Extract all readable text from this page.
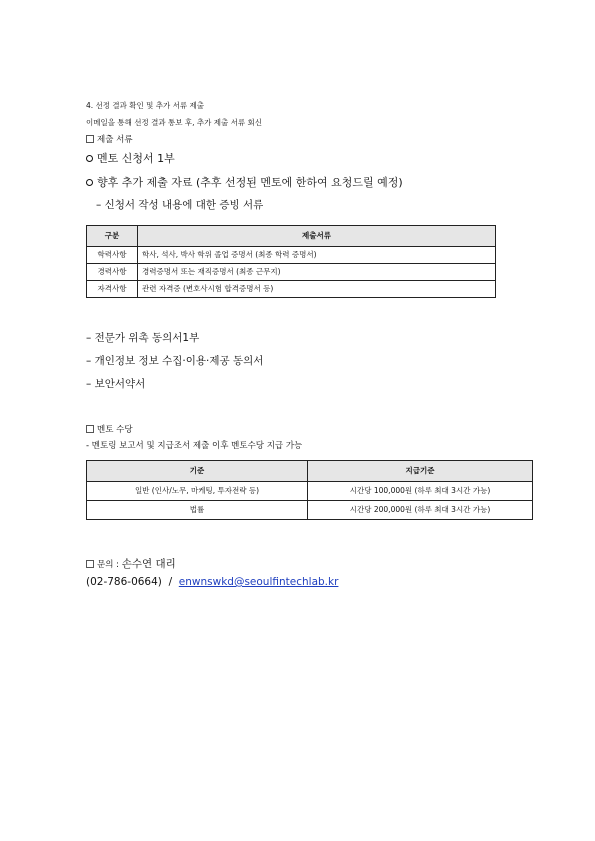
4. 선정 결과 확인 및 추가 서류 제출
이메일을 통해 선정 결과 통보 후, 추가 제출 서류 회신
제출 서류
멘토 신청서 1부
향후 추가 제출 자료 (추후 선정된 멘토에 한하여 요청드릴 예정)
– 신청서 작성 내용에 대한 증빙 서류
구분	제출서류
학력사항	학사, 석사, 박사 학위 졸업 증명서 (최종 학력 증명서)
경력사항	경력증명서 또는 재직증명서 (최종 근무지)
자격사항	관련 자격증 (변호사시험 합격증명서 등)
– 전문가 위촉 동의서1부
– 개인정보 정보 수집·이용·제공 동의서
– 보안서약서
멘토 수당
- 멘토링 보고서 및 지급조서 제출 이후 멘토수당 지급 가능
기준	지급기준
일반 (인사/노무, 마케팅, 투자전략 등)	시간당 100,000원 (하루 최대 3시간 가능)
법률	시간당 200,000원 (하루 최대 3시간 가능)
문의 : 손수연 대리
(02-786-0664)  /  enwnswkd@seoulfintechlab.kr
